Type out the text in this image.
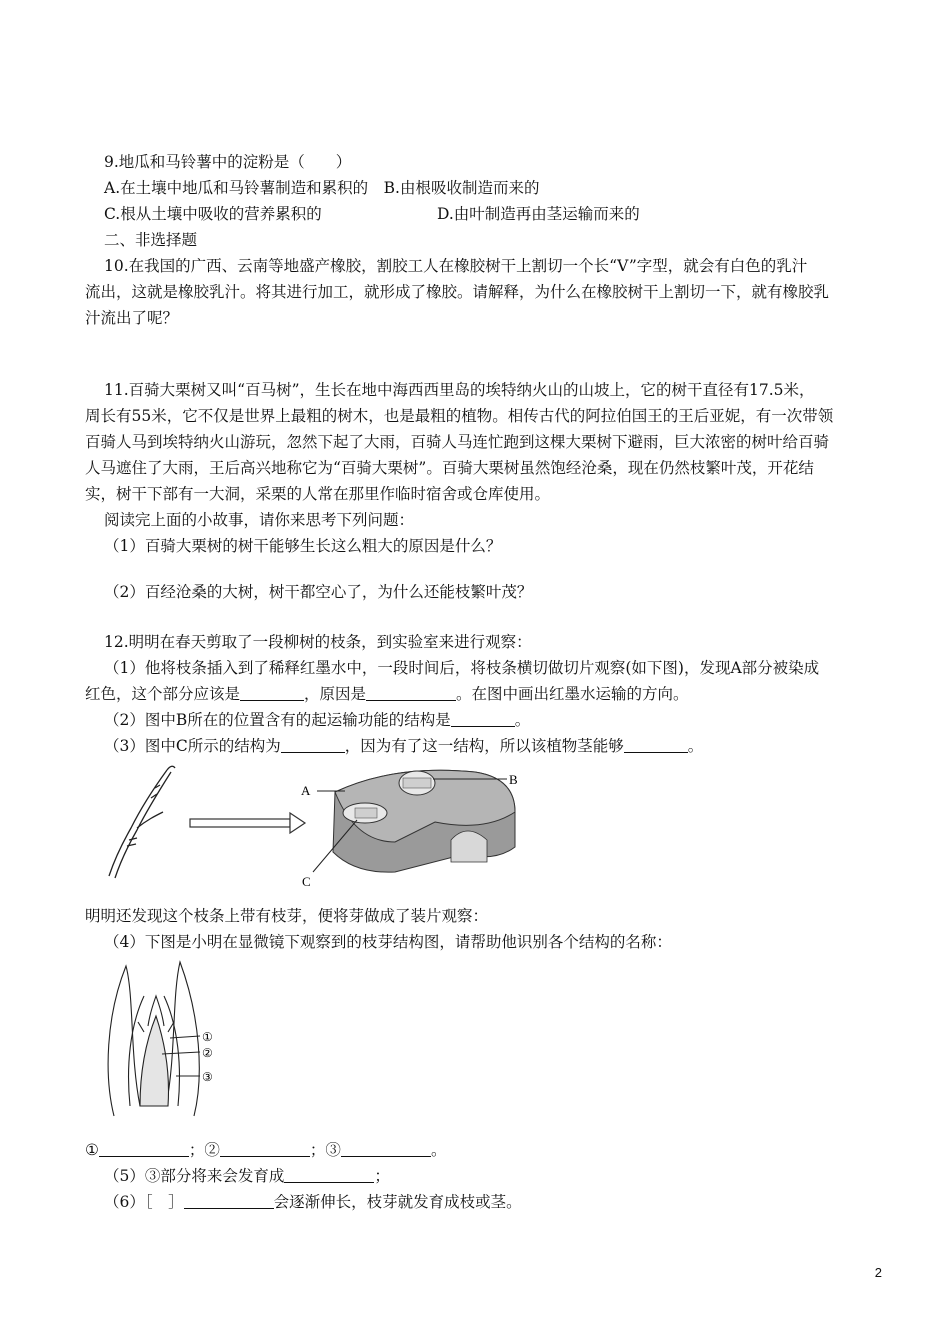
9.地瓜和马铃薯中的淀粉是（　　）
A.在土壤中地瓜和马铃薯制造和累积的　B.由根吸收制造而来的
C.根从土壤中吸收的营养累积的	D.由叶制造再由茎运输而来的
二、非选择题
10.在我国的广西、云南等地盛产橡胶，割胶工人在橡胶树干上割切一个长“V”字型，就会有白色的乳汁
流出，这就是橡胶乳汁。将其进行加工，就形成了橡胶。请解释，为什么在橡胶树干上割切一下，就有橡胶乳
汁流出了呢？
11.百骑大栗树又叫“百马树”，生长在地中海西西里岛的埃特纳火山的山坡上，它的树干直径有17.5米，
周长有55米，它不仅是世界上最粗的树木，也是最粗的植物。相传古代的阿拉伯国王的王后亚妮，有一次带领
百骑人马到埃特纳火山游玩，忽然下起了大雨，百骑人马连忙跑到这棵大栗树下避雨，巨大浓密的树叶给百骑
人马遮住了大雨，王后高兴地称它为“百骑大栗树”。百骑大栗树虽然饱经沧桑，现在仍然枝繁叶茂，开花结
实，树干下部有一大洞，采栗的人常在那里作临时宿舍或仓库使用。
阅读完上面的小故事，请你来思考下列问题：
（1）百骑大栗树的树干能够生长这么粗大的原因是什么？
（2）百经沧桑的大树，树干都空心了，为什么还能枝繁叶茂？
12.明明在春天剪取了一段柳树的枝条，到实验室来进行观察：
（1）他将枝条插入到了稀释红墨水中，一段时间后，将枝条横切做切片观察(如下图)，发现A部分被染成
红色，这个部分应该是	，原因是	。在图中画出红墨水运输的方向。
（2）图中B所在的位置含有的起运输功能的结构是	。
（3）图中C所示的结构为	，因为有了这一结构，所以该植物茎能够	。
A
B
C
明明还发现这个枝条上带有枝芽，便将芽做成了装片观察：
（4）下图是小明在显微镜下观察到的枝芽结构图，请帮助他识别各个结构的名称：
①
②
③
①	；②	；③	。
（5）③部分将来会发育成	；
（6）［　］	会逐渐伸长，枝芽就发育成枝或茎。
2
